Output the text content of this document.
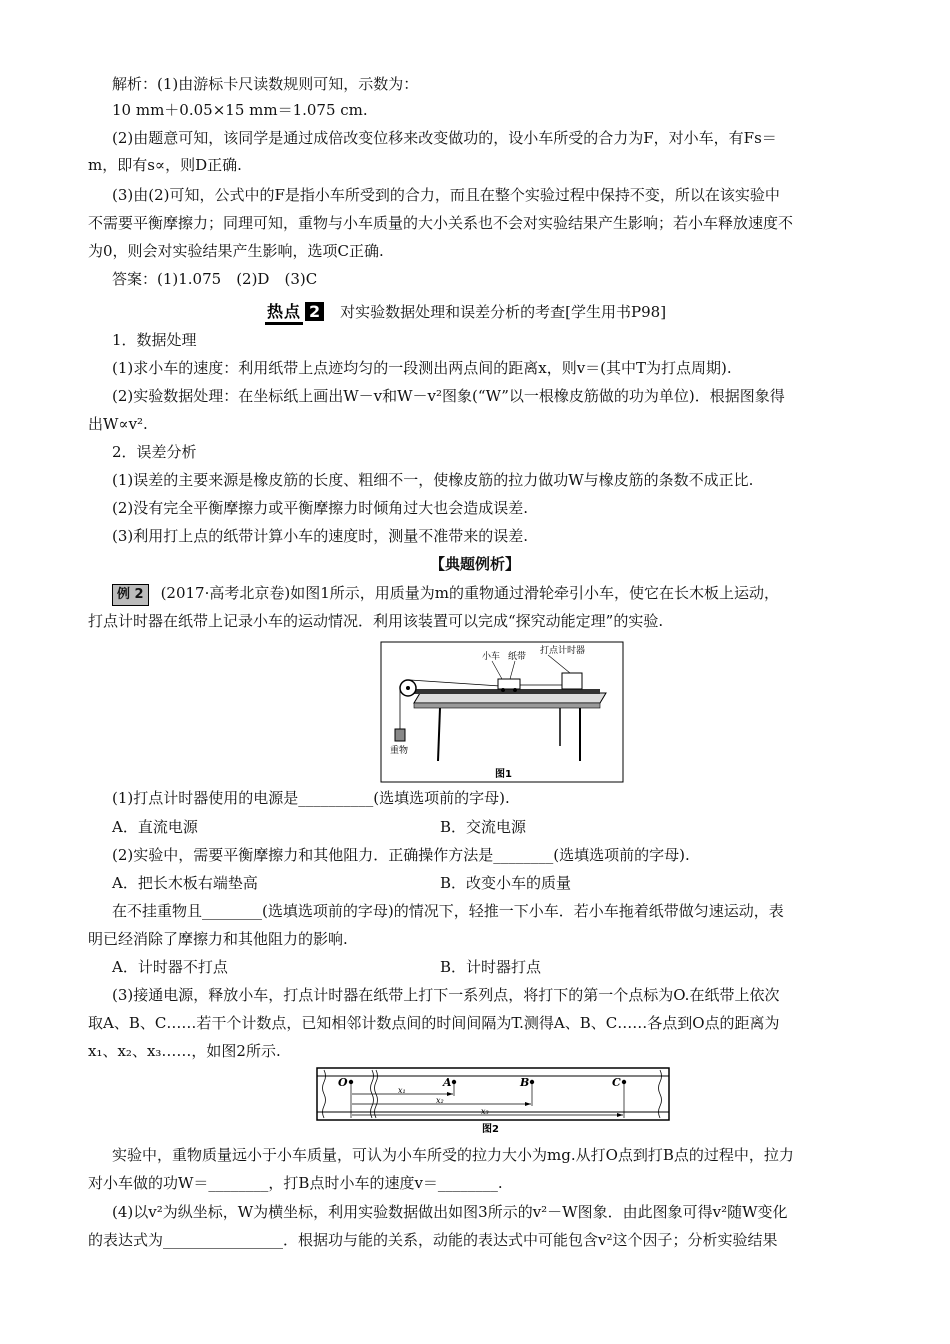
解析：(1)由游标卡尺读数规则可知，示数为：
10 mm＋0.05×15 mm＝1.075 cm.
(2)由题意可知，该同学是通过成倍改变位移来改变做功的，设小车所受的合力为F，对小车，有Fs＝
m，即有s∝，则D正确.
(3)由(2)可知，公式中的F是指小车所受到的合力，而且在整个实验过程中保持不变，所以在该实验中
不需要平衡摩擦力；同理可知，重物与小车质量的大小关系也不会对实验结果产生影响；若小车释放速度不
为0，则会对实验结果产生影响，选项C正确.
答案：(1)1.075　(2)D　(3)C
热点 2 对实验数据处理和误差分析的考查[学生用书P98]
1．数据处理
(1)求小车的速度：利用纸带上点迹均匀的一段测出两点间的距离x，则v＝(其中T为打点周期).
(2)实验数据处理：在坐标纸上画出W－v和W－v²图象(“W”以一根橡皮筋做的功为单位)．根据图象得
出W∝v².
2．误差分析
(1)误差的主要来源是橡皮筋的长度、粗细不一，使橡皮筋的拉力做功W与橡皮筋的条数不成正比.
(2)没有完全平衡摩擦力或平衡摩擦力时倾角过大也会造成误差.
(3)利用打上点的纸带计算小车的速度时，测量不准带来的误差.
【典题例析】
例 2 (2017·高考北京卷)如图1所示，用质量为m的重物通过滑轮牵引小车，使它在长木板上运动，
打点计时器在纸带上记录小车的运动情况．利用该装置可以完成“探究动能定理”的实验.
小车 纸带
打点计时器
重物
图1
(1)打点计时器使用的电源是__________(选填选项前的字母).
A．直流电源	B．交流电源
(2)实验中，需要平衡摩擦力和其他阻力．正确操作方法是________(选填选项前的字母).
A．把长木板右端垫高	B．改变小车的质量
在不挂重物且________(选填选项前的字母)的情况下，轻推一下小车．若小车拖着纸带做匀速运动，表
明已经消除了摩擦力和其他阻力的影响.
A．计时器不打点	B．计时器打点
(3)接通电源，释放小车，打点计时器在纸带上打下一系列点，将打下的第一个点标为O.在纸带上依次
取A、B、C……若干个计数点，已知相邻计数点间的时间间隔为T.测得A、B、C……各点到O点的距离为
x₁、x₂、x₃……，如图2所示.
O	A	B	C
x₁
x₂
x₃
图2
实验中，重物质量远小于小车质量，可认为小车所受的拉力大小为mg.从打O点到打B点的过程中，拉力
对小车做的功W＝________，打B点时小车的速度v＝________.
(4)以v²为纵坐标，W为横坐标，利用实验数据做出如图3所示的v²－W图象．由此图象可得v²随W变化
的表达式为________________．根据功与能的关系，动能的表达式中可能包含v²这个因子；分析实验结果
